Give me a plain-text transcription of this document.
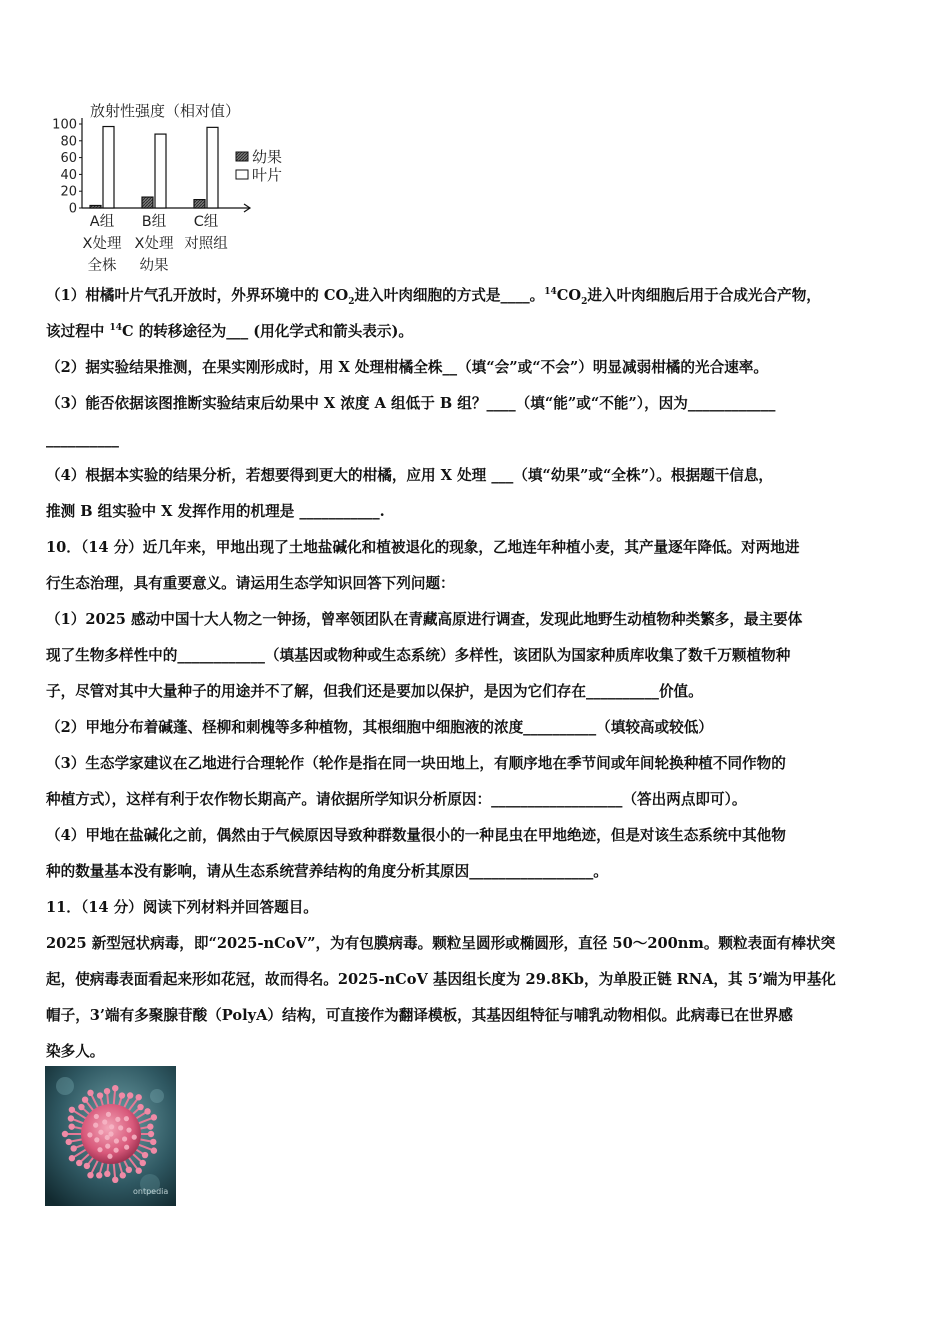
放射性强度（相对值）
0
20
40
60
80
100
A组
X处理
全株
B组
X处理
幼果
C组
对照组
幼果
叶片

（1）柑橘叶片气孔开放时，外界环境中的 $CO_2$进入叶肉细胞的方式是____。$^{14}CO_2$进入叶肉细胞后用于合成光合产物，

该过程中 $^{14}$C 的转移途径为___ (用化学式和箭头表示)。

（2）据实验结果推测，在果实刚形成时，用 X 处理柑橘全株__（填“会”或“不会”）明显减弱柑橘的光合速率。

（3）能否依据该图推断实验结束后幼果中 X 浓度 A 组低于 B 组？____（填“能”或“不能”），因为____________

__________

（4）根据本实验的结果分析，若想要得到更大的柑橘，应用 X 处理 ___（填“幼果”或“全株”）。根据题干信息，

推测 B 组实验中 X 发挥作用的机理是 ___________.

10．（14 分）近几年来，甲地出现了土地盐碱化和植被退化的现象，乙地连年种植小麦，其产量逐年降低。对两地进

行生态治理，具有重要意义。请运用生态学知识回答下列问题：

（1）2025 感动中国十大人物之一钟扬，曾率领团队在青藏高原进行调查，发现此地野生动植物种类繁多，最主要体

现了生物多样性中的____________（填基因或物种或生态系统）多样性，该团队为国家种质库收集了数千万颗植物种

子，尽管对其中大量种子的用途并不了解，但我们还是要加以保护，是因为它们存在__________价值。

（2）甲地分布着碱蓬、柽柳和刺槐等多种植物，其根细胞中细胞液的浓度__________（填较高或较低）

（3）生态学家建议在乙地进行合理轮作（轮作是指在同一块田地上，有顺序地在季节间或年间轮换种植不同作物的

种植方式），这样有利于农作物长期高产。请依据所学知识分析原因：__________________（答出两点即可）。

（4）甲地在盐碱化之前，偶然由于气候原因导致种群数量很小的一种昆虫在甲地绝迹，但是对该生态系统中其他物

种的数量基本没有影响，请从生态系统营养结构的角度分析其原因_________________。

11．（14 分）阅读下列材料并回答题目。

2025 新型冠状病毒，即“2025-nCoV”，为有包膜病毒。颗粒呈圆形或椭圆形，直径 50～200nm。颗粒表面有棒状突

起，使病毒表面看起来形如花冠，故而得名。2025-nCoV 基因组长度为 29.8Kb，为单股正链 RNA，其 5’端为甲基化

帽子，3’端有多聚腺苷酸（PolyA）结构，可直接作为翻译模板，其基因组特征与哺乳动物相似。此病毒已在世界感

染多人。

ontpedia
